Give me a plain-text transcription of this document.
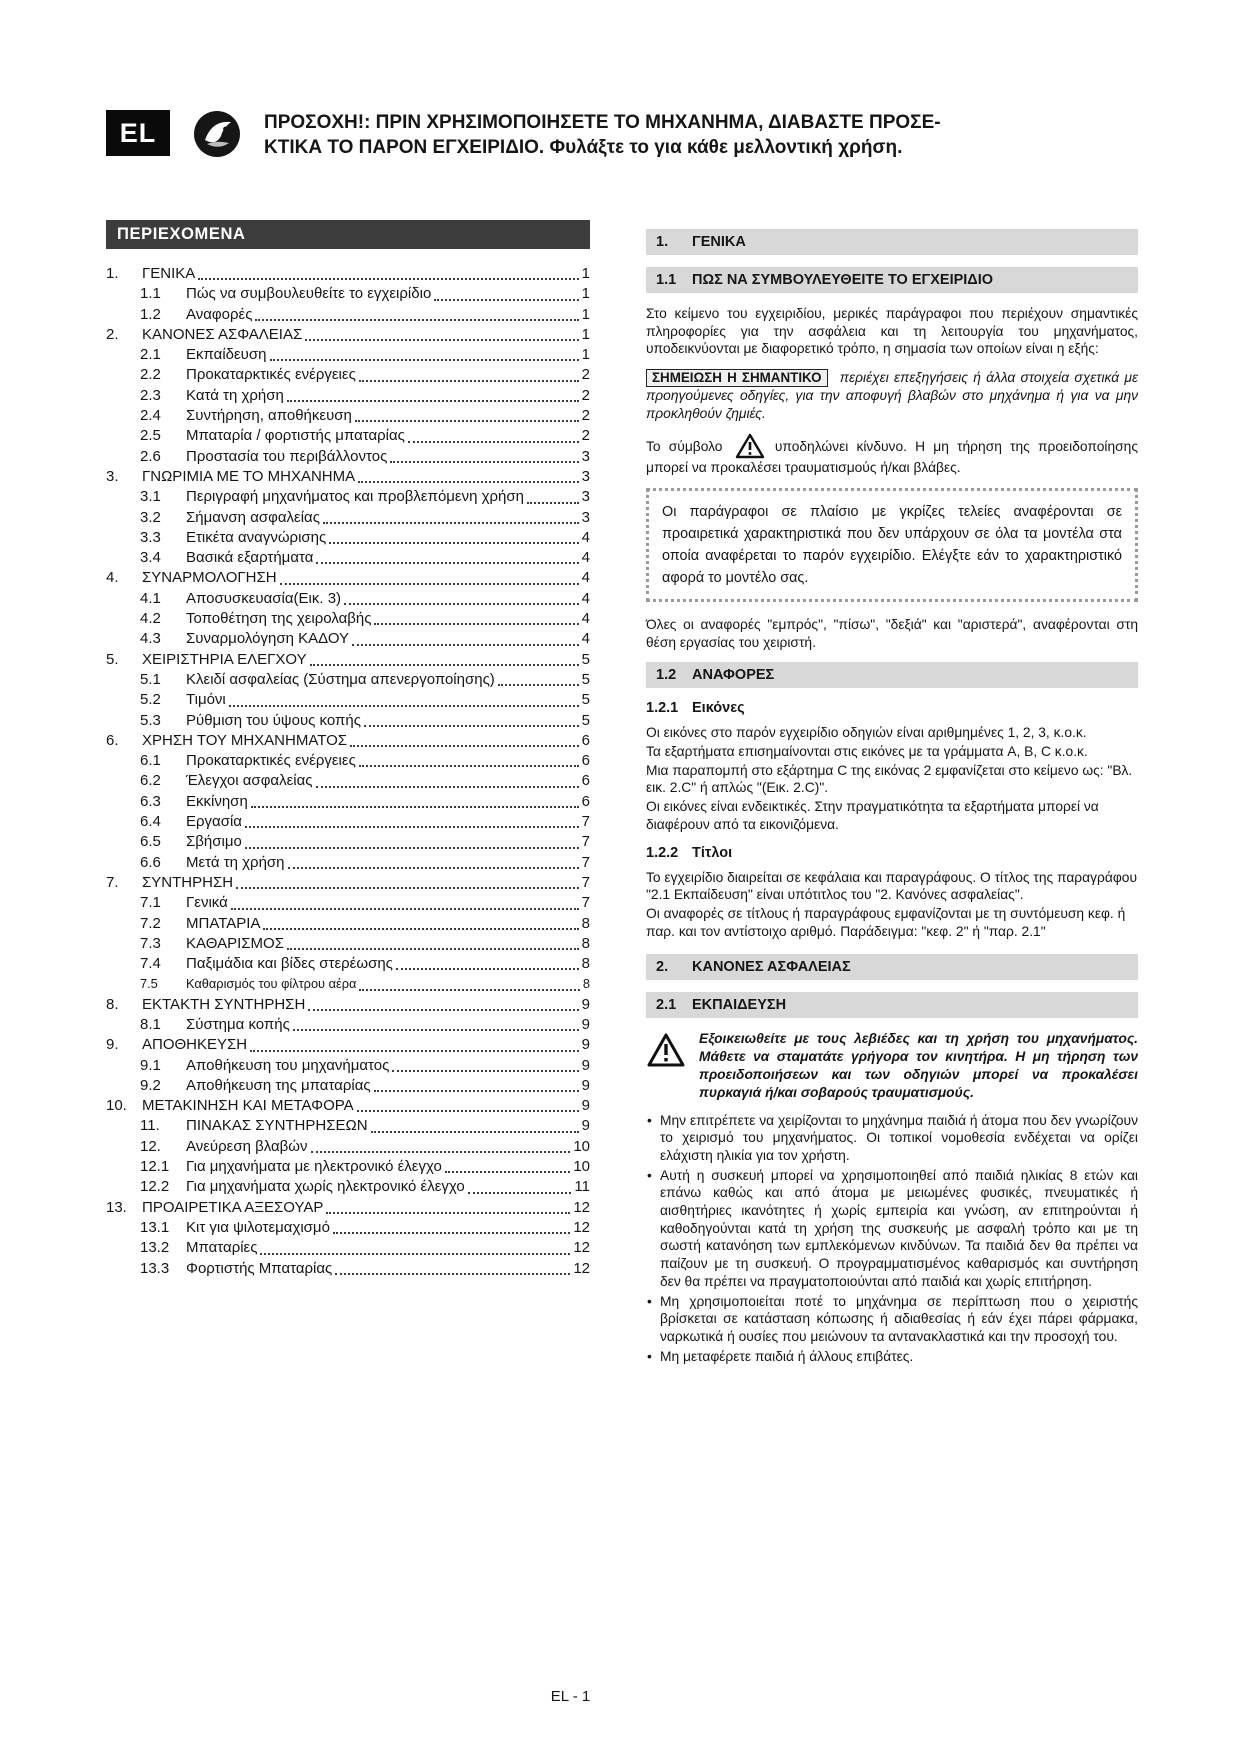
EL	ΠΡΟΣΟΧΗ!: ΠΡΙΝ ΧΡΗΣΙΜΟΠΟΙΗΣΕΤΕ ΤΟ ΜΗΧΑΝΗΜΑ, ΔΙΑΒΑΣΤΕ ΠΡΟΣΕ-
ΚΤΙΚΑ ΤΟ ΠΑΡΟΝ ΕΓΧΕΙΡΙΔΙΟ. Φυλάξτε το για κάθε μελλοντική χρήση.
ΠΕΡΙΕΧΟΜΕΝΑ
1.	ΓΕΝΙΚΑ	1
1.1	Πώς να συμβουλευθείτε το εγχειρίδιο	1
1.2	Αναφορές	1
2.	ΚΑΝΟΝΕΣ ΑΣΦΑΛΕΙΑΣ	1
2.1	Εκπαίδευση	1
2.2	Προκαταρκτικές ενέργειες	2
2.3	Κατά τη χρήση	2
2.4	Συντήρηση, αποθήκευση	2
2.5	Μπαταρία / φορτιστής μπαταρίας	2
2.6	Προστασία του περιβάλλοντος	3
3.	ΓΝΩΡΙΜΙΑ ΜΕ ΤΟ ΜΗΧΑΝΗΜΑ	3
3.1	Περιγραφή μηχανήματος και προβλεπόμενη χρήση	3
3.2	Σήμανση ασφαλείας	3
3.3	Ετικέτα αναγνώρισης	4
3.4	Βασικά εξαρτήματα	4
4.	ΣΥΝΑΡΜΟΛΟΓΗΣΗ	4
4.1	Αποσυσκευασία(Εικ. 3)	4
4.2	Τοποθέτηση της χειρολαβής	4
4.3	Συναρμολόγηση ΚΑΔΟΥ	4
5.	ΧΕΙΡΙΣΤΗΡΙΑ ΕΛΕΓΧΟΥ	5
5.1	Κλειδί ασφαλείας (Σύστημα απενεργοποίησης)	5
5.2	Τιμόνι	5
5.3	Ρύθμιση του ύψους κοπής	5
6.	ΧΡΗΣΗ ΤΟΥ ΜΗΧΑΝΗΜΑΤΟΣ	6
6.1	Προκαταρκτικές ενέργειες	6
6.2	Έλεγχοι ασφαλείας	6
6.3	Εκκίνηση	6
6.4	Εργασία	7
6.5	Σβήσιμο	7
6.6	Μετά τη χρήση	7
7.	ΣΥΝΤΗΡΗΣΗ	7
7.1	Γενικά	7
7.2	ΜΠΑΤΑΡΙΑ	8
7.3	ΚΑΘΑΡΙΣΜΟΣ	8
7.4	Παξιμάδια και βίδες στερέωσης	8
7.5	Καθαρισμός του φίλτρου αέρα	8
8.	ΕΚΤΑΚΤΗ ΣΥΝΤΗΡΗΣΗ	9
8.1	Σύστημα κοπής	9
9.	ΑΠΟΘΗΚΕΥΣΗ	9
9.1	Αποθήκευση του μηχανήματος	9
9.2	Αποθήκευση της μπαταρίας	9
10.	ΜΕΤΑΚΙΝΗΣΗ ΚΑΙ ΜΕΤΑΦΟΡΑ	9
11.	ΠΙΝΑΚΑΣ ΣΥΝΤΗΡΗΣΕΩΝ	9
12.	Ανεύρεση βλαβών	10
12.1	Για μηχανήματα με ηλεκτρονικό έλεγχο	10
12.2	Για μηχανήματα χωρίς ηλεκτρονικό έλεγχο	11
13.	ΠΡΟΑΙΡΕΤΙΚΑ ΑΞΕΣΟΥΑΡ	12
13.1	Κιτ για ψιλοτεμαχισμό	12
13.2	Μπαταρίες	12
13.3	Φορτιστής Μπαταρίας	12
1.	ΓΕΝΙΚΑ
1.1	ΠΩΣ ΝΑ ΣΥΜΒΟΥΛΕΥΘΕΙΤΕ ΤΟ ΕΓΧΕΙΡΙΔΙΟ

Στο κείμενο του εγχειριδίου, μερικές παράγραφοι που περιέχουν σημαντικές πληροφορίες για την ασφάλεια και τη λειτουργία του μηχανήματος, υποδεικνύονται με διαφορετικό τρόπο, η σημασία των οποίων είναι η εξής:

ΣΗΜΕΙΩΣΗ Η ΣΗΜΑΝΤΙΚΟ περιέχει επεξηγήσεις ή άλλα στοιχεία σχετικά με προηγούμενες οδηγίες, για την αποφυγή βλαβών στο μηχάνημα ή για να μην προκληθούν ζημιές.

Το σύμβολο	υποδηλώνει κίνδυνο. Η μη τήρηση της προειδοποίησης μπορεί να προκαλέσει τραυματισμούς ή/και βλάβες.

Οι παράγραφοι σε πλαίσιο με γκρίζες τελείες αναφέρονται σε προαιρετικά χαρακτηριστικά που δεν υπάρχουν σε όλα τα μοντέλα στα οποία αναφέρεται το παρόν εγχειρίδιο. Ελέγξτε εάν το χαρακτηριστικό αφορά το μοντέλο σας.

Όλες οι αναφορές "εμπρός", "πίσω", "δεξιά" και "αριστερά", αναφέρονται στη θέση εργασίας του χειριστή.

1.2	ΑΝΑΦΟΡΕΣ
1.2.1 Εικόνες

Οι εικόνες στο παρόν εγχειρίδιο οδηγιών είναι αριθμημένες 1, 2, 3, κ.ο.κ.

Τα εξαρτήματα επισημαίνονται στις εικόνες με τα γράμματα A, B, C κ.ο.κ.

Μια παραπομπή στο εξάρτημα C της εικόνας 2 εμφανίζεται στο κείμενο ως: "Βλ. εικ. 2.C" ή απλώς "(Εικ. 2.C)".

Οι εικόνες είναι ενδεικτικές. Στην πραγματικότητα τα εξαρτήματα μπορεί να διαφέρουν από τα εικονιζόμενα.

1.2.2 Τίτλοι

Το εγχειρίδιο διαιρείται σε κεφάλαια και παραγράφους. Ο τίτλος της παραγράφου "2.1 Εκπαίδευση" είναι υπότιτλος του "2. Κανόνες ασφαλείας".

Οι αναφορές σε τίτλους ή παραγράφους εμφανίζονται με τη συντόμευση κεφ. ή παρ. και τον αντίστοιχο αριθμό. Παράδειγμα: "κεφ. 2" ή "παρ. 2.1"

2.	ΚΑΝΟΝΕΣ ΑΣΦΑΛΕΙΑΣ
2.1	ΕΚΠΑΙΔΕΥΣΗ
Εξοικειωθείτε με τους λεβιέδες και τη χρήση του μηχανήματος. Μάθετε να σταματάτε γρήγορα τον κινητήρα. Η μη τήρηση των προειδοποιήσεων και των οδηγιών μπορεί να προκαλέσει πυρκαγιά ή/και σοβαρούς τραυματισμούς.
• Μην επιτρέπετε να χειρίζονται το μηχάνημα παιδιά ή άτομα που δεν γνωρίζουν το χειρισμό του μηχανήματος. Οι τοπικοί νομοθεσία ενδέχεται να ορίζει ελάχιστη ηλικία για τον χρήστη.
• Αυτή η συσκευή μπορεί να χρησιμοποιηθεί από παιδιά ηλικίας 8 ετών και επάνω καθώς και από άτομα με μειωμένες φυσικές, πνευματικές ή αισθητήριες ικανότητες ή χωρίς εμπειρία και γνώση, αν επιτηρούνται ή καθοδηγούνται κατά τη χρήση της συσκευής με ασφαλή τρόπο και με τη σωστή κατανόηση των εμπλεκόμενων κινδύνων. Τα παιδιά δεν θα πρέπει να παίζουν με τη συσκευή. Ο προγραμματισμένος καθαρισμός και συντήρηση δεν θα πρέπει να πραγματοποιούνται από παιδιά και χωρίς επιτήρηση.
• Μη χρησιμοποιείται ποτέ το μηχάνημα σε περίπτωση που ο χειριστής βρίσκεται σε κατάσταση κόπωσης ή αδιαθεσίας ή εάν έχει πάρει φάρμακα, ναρκωτικά ή ουσίες που μειώνουν τα αντανακλαστικά και την προσοχή του.
• Μη μεταφέρετε παιδιά ή άλλους επιβάτες.
EL - 1
